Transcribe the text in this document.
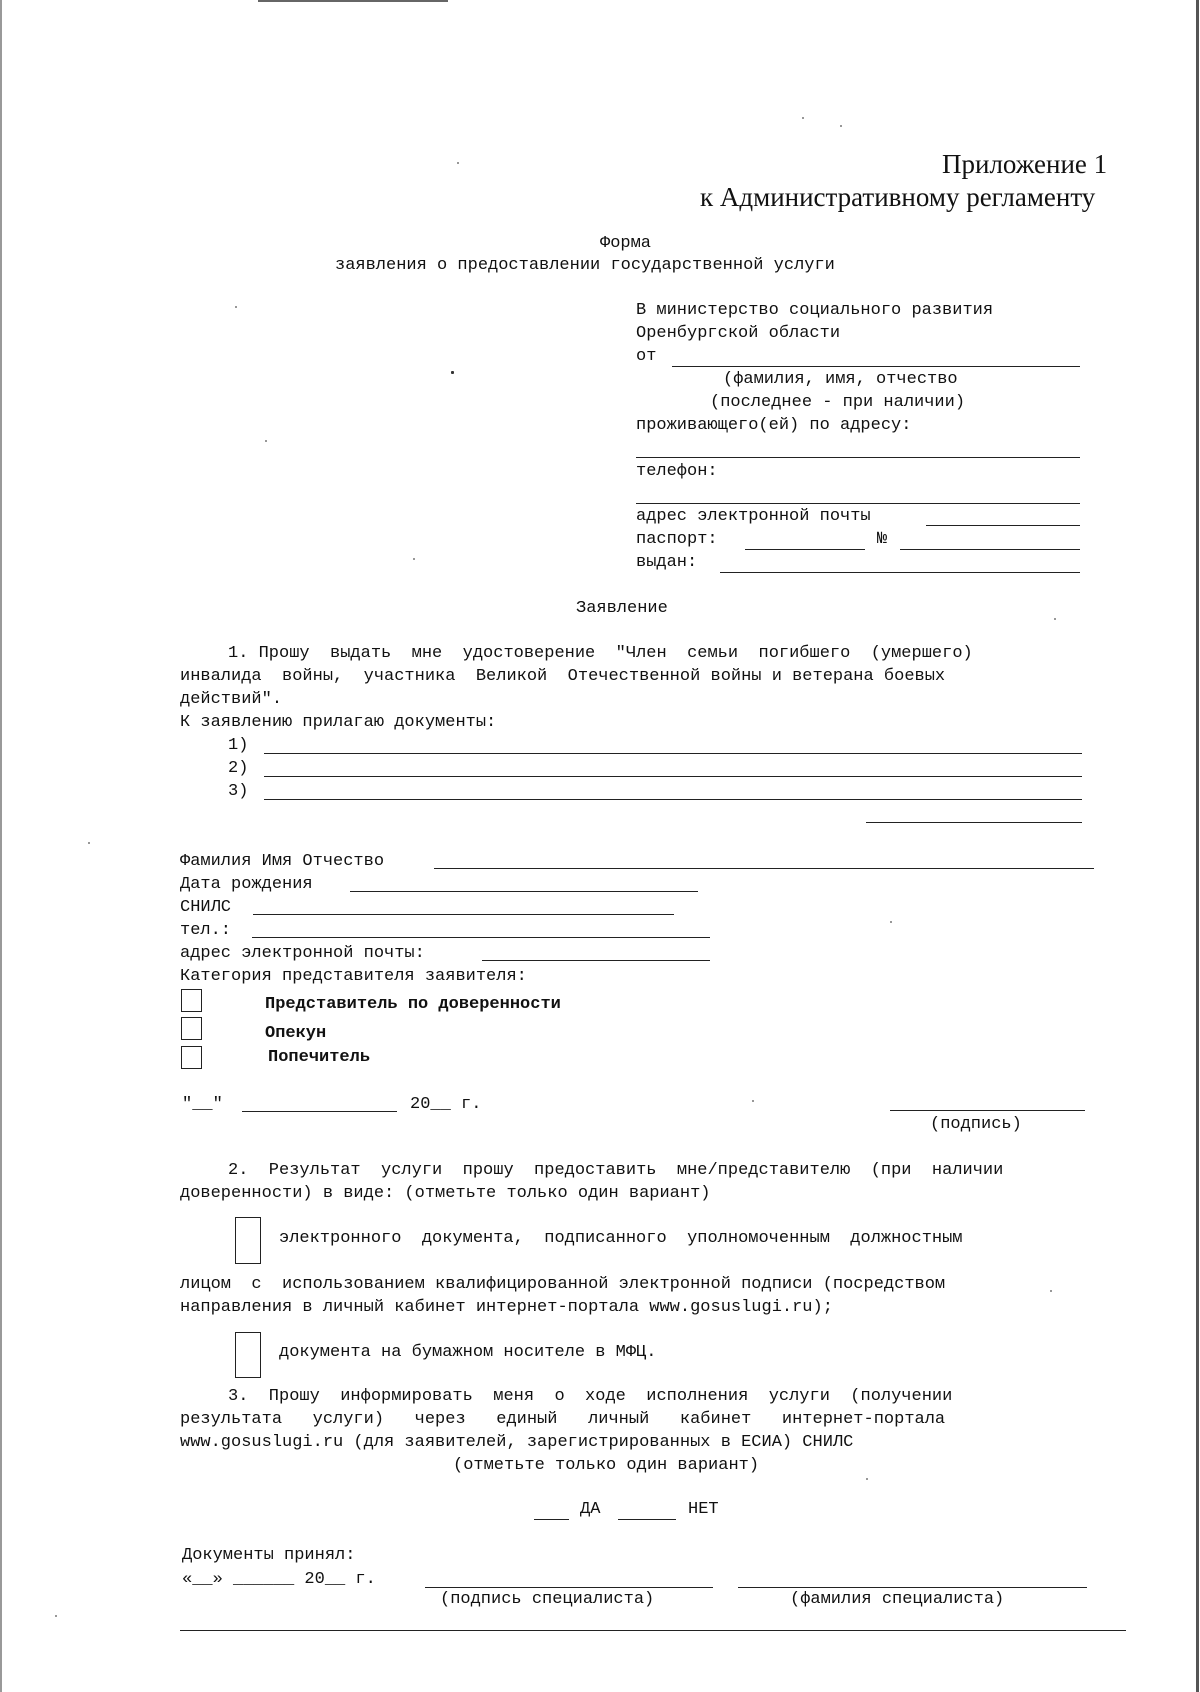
Приложение 1
к Административному регламенту
Форма
заявления о предоставлении государственной услуги
В министерство социального развития
Оренбургской области
от
(фамилия, имя, отчество
(последнее - при наличии)
проживающего(ей) по адресу:
телефон:
адрес электронной почты
паспорт:	№
выдан:
Заявление
1. Прошу  выдать  мне  удостоверение  "Член  семьи  погибшего  (умершего)
инвалида  войны,  участника  Великой  Отечественной войны и ветерана боевых
действий".
К заявлению прилагаю документы:
1)
2)
3)
Фамилия Имя Отчество
Дата рождения
СНИЛС
тел.:
адрес электронной почты:
Категория представителя заявителя:
Представитель по доверенности
Опекун
Попечитель
"__"	20__ г.
(подпись)
2.  Результат  услуги  прошу  предоставить  мне/представителю  (при  наличии
доверенности) в виде: (отметьте только один вариант)
электронного  документа,  подписанного  уполномоченным  должностным
лицом  с  использованием квалифицированной электронной подписи (посредством
направления в личный кабинет интернет-портала www.gosuslugi.ru);
документа на бумажном носителе в МФЦ.
3.  Прошу  информировать  меня  о  ходе  исполнения  услуги  (получении
результата   услуги)   через   единый   личный   кабинет   интернет-портала
www.gosuslugi.ru (для заявителей, зарегистрированных в ЕСИА) СНИЛС
(отметьте только один вариант)
ДА	НЕТ
Документы принял:
«__» ______ 20__ г.
(подпись специалиста)	(фамилия специалиста)
